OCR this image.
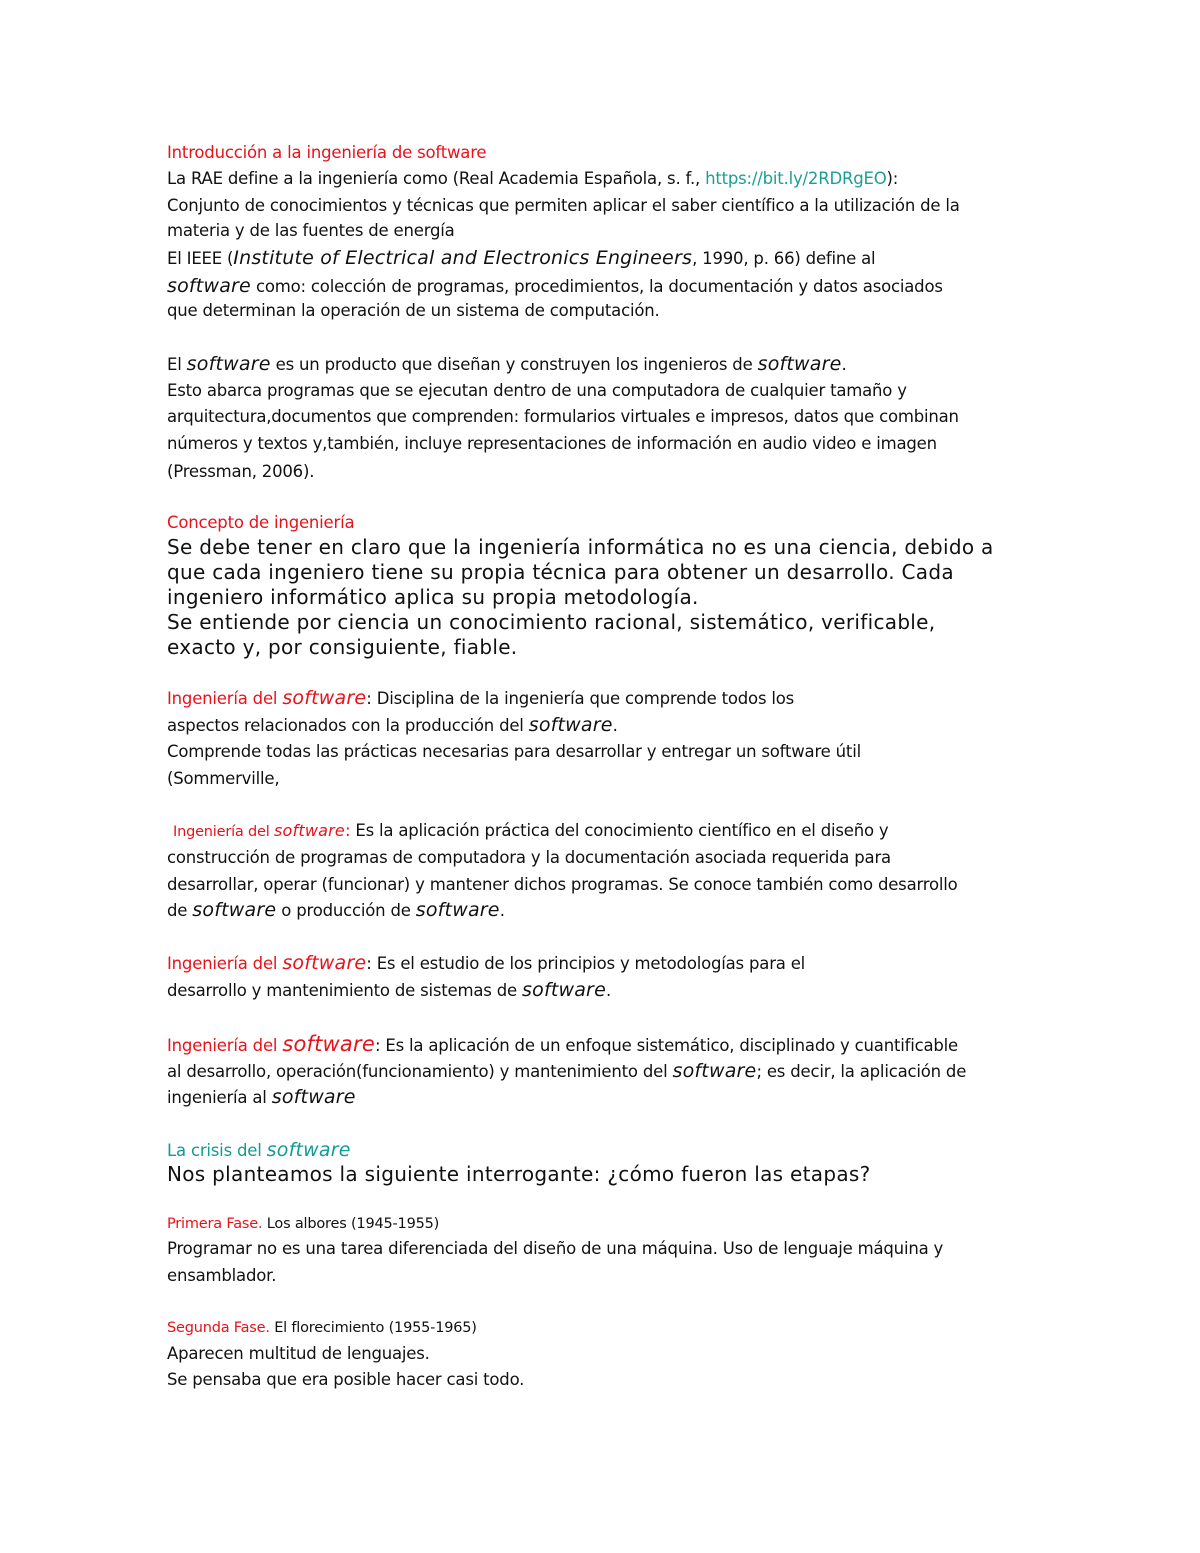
Introducción a la ingeniería de software
La RAE define a la ingeniería como (Real Academia Española, s. f., https://bit.ly/2RDRgEO):
Conjunto de conocimientos y técnicas que permiten aplicar el saber científico a la utilización de la
materia y de las fuentes de energía
El IEEE (Institute of Electrical and Electronics Engineers, 1990, p. 66) define al
software como: colección de programas, procedimientos, la documentación y datos asociados
que determinan la operación de un sistema de computación.
El software es un producto que diseñan y construyen los ingenieros de software.
Esto abarca programas que se ejecutan dentro de una computadora de cualquier tamaño y
arquitectura,documentos que comprenden: formularios virtuales e impresos, datos que combinan
números y textos y,también, incluye representaciones de información en audio video e imagen
(Pressman, 2006).
Concepto de ingeniería
Se debe tener en claro que la ingeniería informática no es una ciencia, debido a
que cada ingeniero tiene su propia técnica para obtener un desarrollo. Cada
ingeniero informático aplica su propia metodología.
Se entiende por ciencia un conocimiento racional, sistemático, verificable,
exacto y, por consiguiente, fiable.
Ingeniería del software: Disciplina de la ingeniería que comprende todos los
aspectos relacionados con la producción del software.
Comprende todas las prácticas necesarias para desarrollar y entregar un software útil
(Sommerville,
Ingeniería del software: Es la aplicación práctica del conocimiento científico en el diseño y
construcción de programas de computadora y la documentación asociada requerida para
desarrollar, operar (funcionar) y mantener dichos programas. Se conoce también como desarrollo
de software o producción de software.
Ingeniería del software: Es el estudio de los principios y metodologías para el
desarrollo y mantenimiento de sistemas de software.
Ingeniería del software: Es la aplicación de un enfoque sistemático, disciplinado y cuantificable
al desarrollo, operación(funcionamiento) y mantenimiento del software; es decir, la aplicación de
ingeniería al software
La crisis del software
Nos planteamos la siguiente interrogante: ¿cómo fueron las etapas?
Primera Fase. Los albores (1945-1955)
Programar no es una tarea diferenciada del diseño de una máquina. Uso de lenguaje máquina y
ensamblador.
Segunda Fase. El florecimiento (1955-1965)
Aparecen multitud de lenguajes.
Se pensaba que era posible hacer casi todo.
